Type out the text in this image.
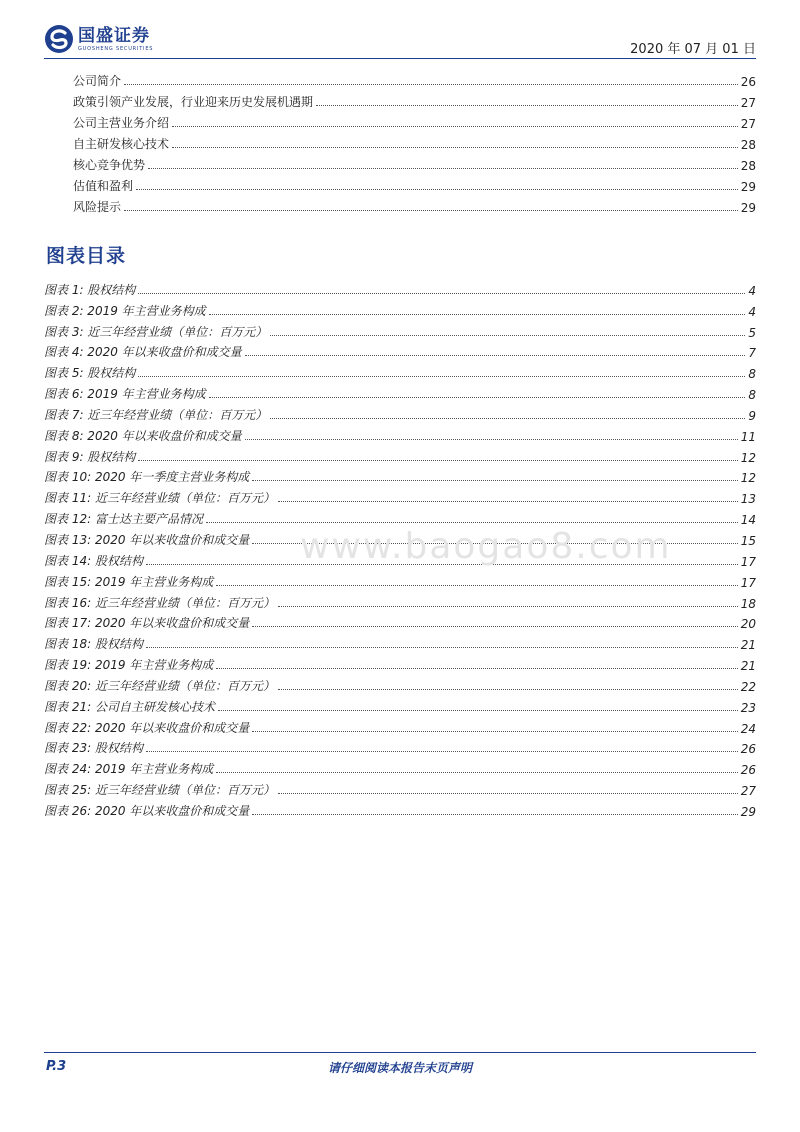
国盛证券
GUOSHENG SECURITIES	2020 年 07 月 01 日
公司简介	26
政策引领产业发展，行业迎来历史发展机遇期	27
公司主营业务介绍	27
自主研发核心技术	28
核心竞争优势	28
估值和盈利	29
风险提示	29
图表目录
图表 1: 股权结构	4
图表 2: 2019 年主营业务构成	4
图表 3: 近三年经营业绩（单位：百万元）	5
图表 4: 2020 年以来收盘价和成交量	7
图表 5: 股权结构	8
图表 6: 2019 年主营业务构成	8
图表 7: 近三年经营业绩（单位：百万元）	9
图表 8: 2020 年以来收盘价和成交量	11
图表 9: 股权结构	12
图表 10: 2020 年一季度主营业务构成	12
图表 11: 近三年经营业绩（单位：百万元）	13
图表 12: 富士达主要产品情况	14
图表 13: 2020 年以来收盘价和成交量	15
图表 14: 股权结构	17
图表 15: 2019 年主营业务构成	17
图表 16: 近三年经营业绩（单位：百万元）	18
图表 17: 2020 年以来收盘价和成交量	20
图表 18: 股权结构	21
图表 19: 2019 年主营业务构成	21
图表 20: 近三年经营业绩（单位：百万元）	22
图表 21: 公司自主研发核心技术	23
图表 22: 2020 年以来收盘价和成交量	24
图表 23: 股权结构	26
图表 24: 2019 年主营业务构成	26
图表 25: 近三年经营业绩（单位：百万元）	27
图表 26: 2020 年以来收盘价和成交量	29
www.baogao8.com
P.3	请仔细阅读本报告末页声明
